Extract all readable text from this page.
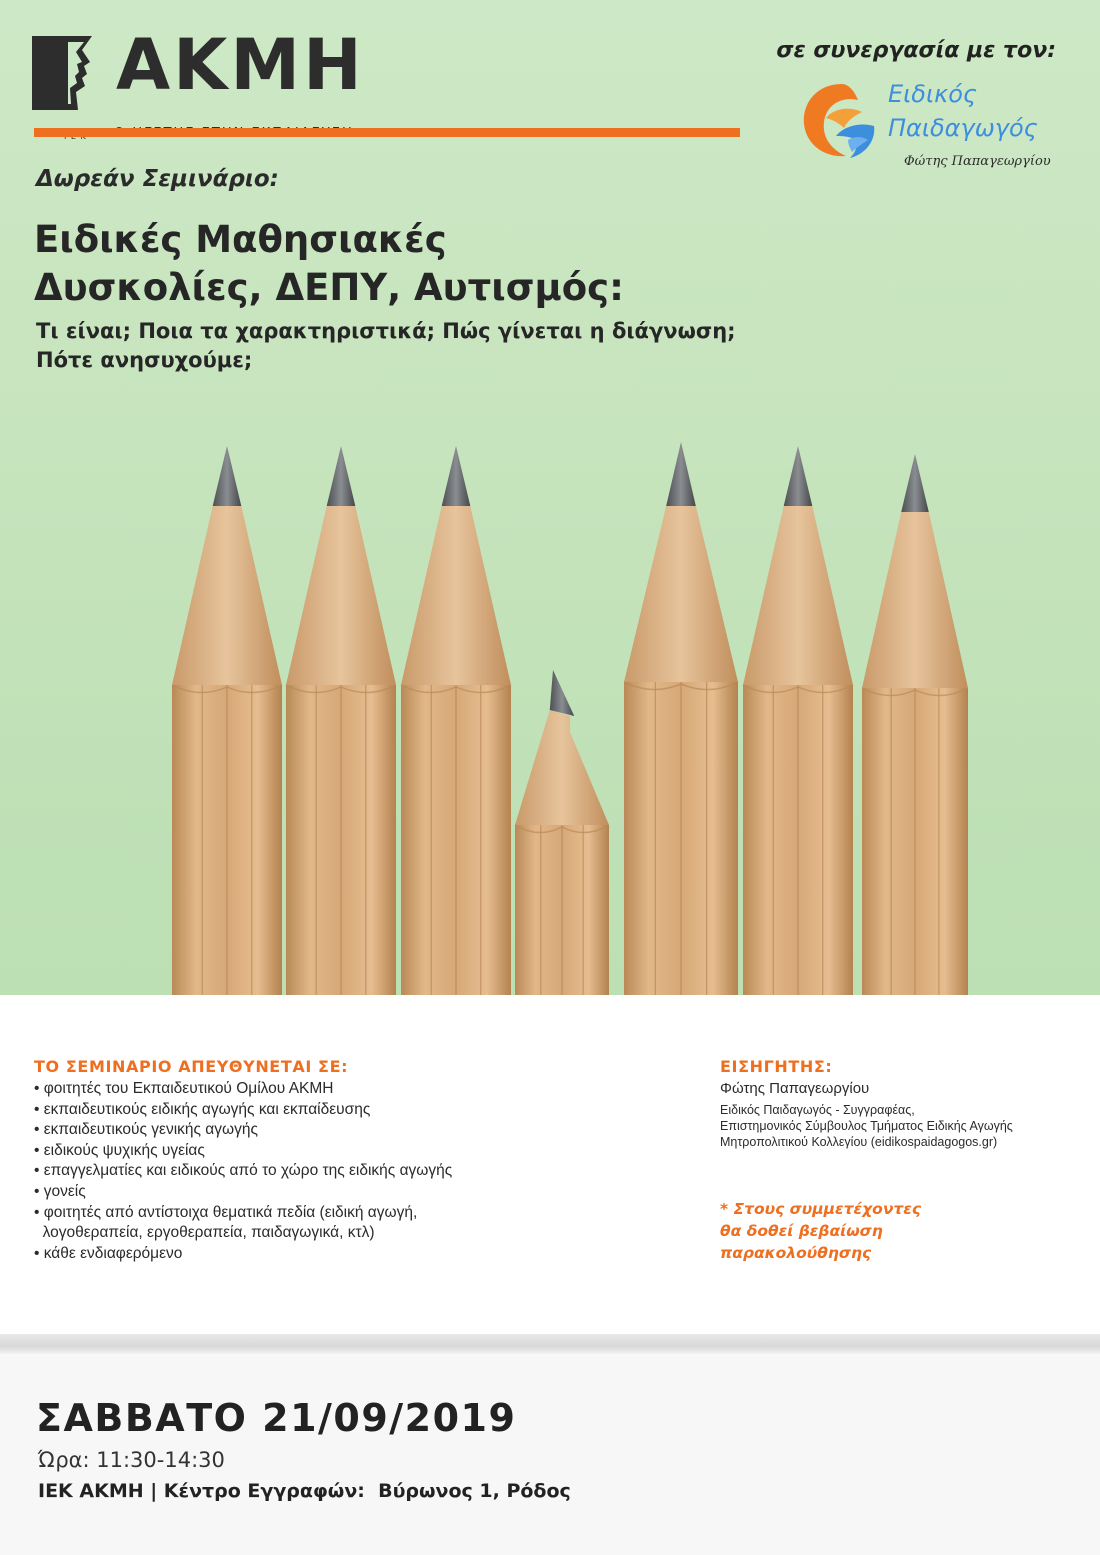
ΑΚΜΗ	σε συνεργασία με τον:
Ειδικός
Παιδαγωγός
Φώτης Παπαγεωργίου
Δωρεάν Σεμινάριο:
Ειδικές Μαθησιακές
Δυσκολίες, ΔΕΠΥ, Αυτισμός:
Τι είναι; Ποια τα χαρακτηριστικά; Πώς γίνεται η διάγνωση;
Πότε ανησυχούμε;
ΤΟ ΣΕΜΙΝΑΡΙΟ ΑΠΕΥΘΥΝΕΤΑΙ ΣΕ:
• φοιτητές του Εκπαιδευτικού Ομίλου ΑΚΜΗ
• εκπαιδευτικούς ειδικής αγωγής και εκπαίδευσης
• εκπαιδευτικούς γενικής αγωγής
• ειδικούς ψυχικής υγείας
• επαγγελματίες και ειδικούς από το χώρο της ειδικής αγωγής
• γονείς
• φοιτητές από αντίστοιχα θεματικά πεδία (ειδική αγωγή,
λογοθεραπεία, εργοθεραπεία, παιδαγωγικά, κτλ)
• κάθε ενδιαφερόμενο
ΕΙΣΗΓΗΤΗΣ:
Φώτης Παπαγεωργίου
Ειδικός Παιδαγωγός - Συγγραφέας,
Επιστημονικός Σύμβουλος Τμήματος Ειδικής Αγωγής
Μητροπολιτικού Κολλεγίου (eidikospaidagogos.gr)
* Στους συμμετέχοντες
θα δοθεί βεβαίωση
παρακολούθησης
ΣΑΒΒΑΤΟ 21/09/2019
Ώρα: 11:30-14:30
ΙΕΚ ΑΚΜΗ | Κέντρο Εγγραφών:  Βύρωνος 1, Ρόδος
